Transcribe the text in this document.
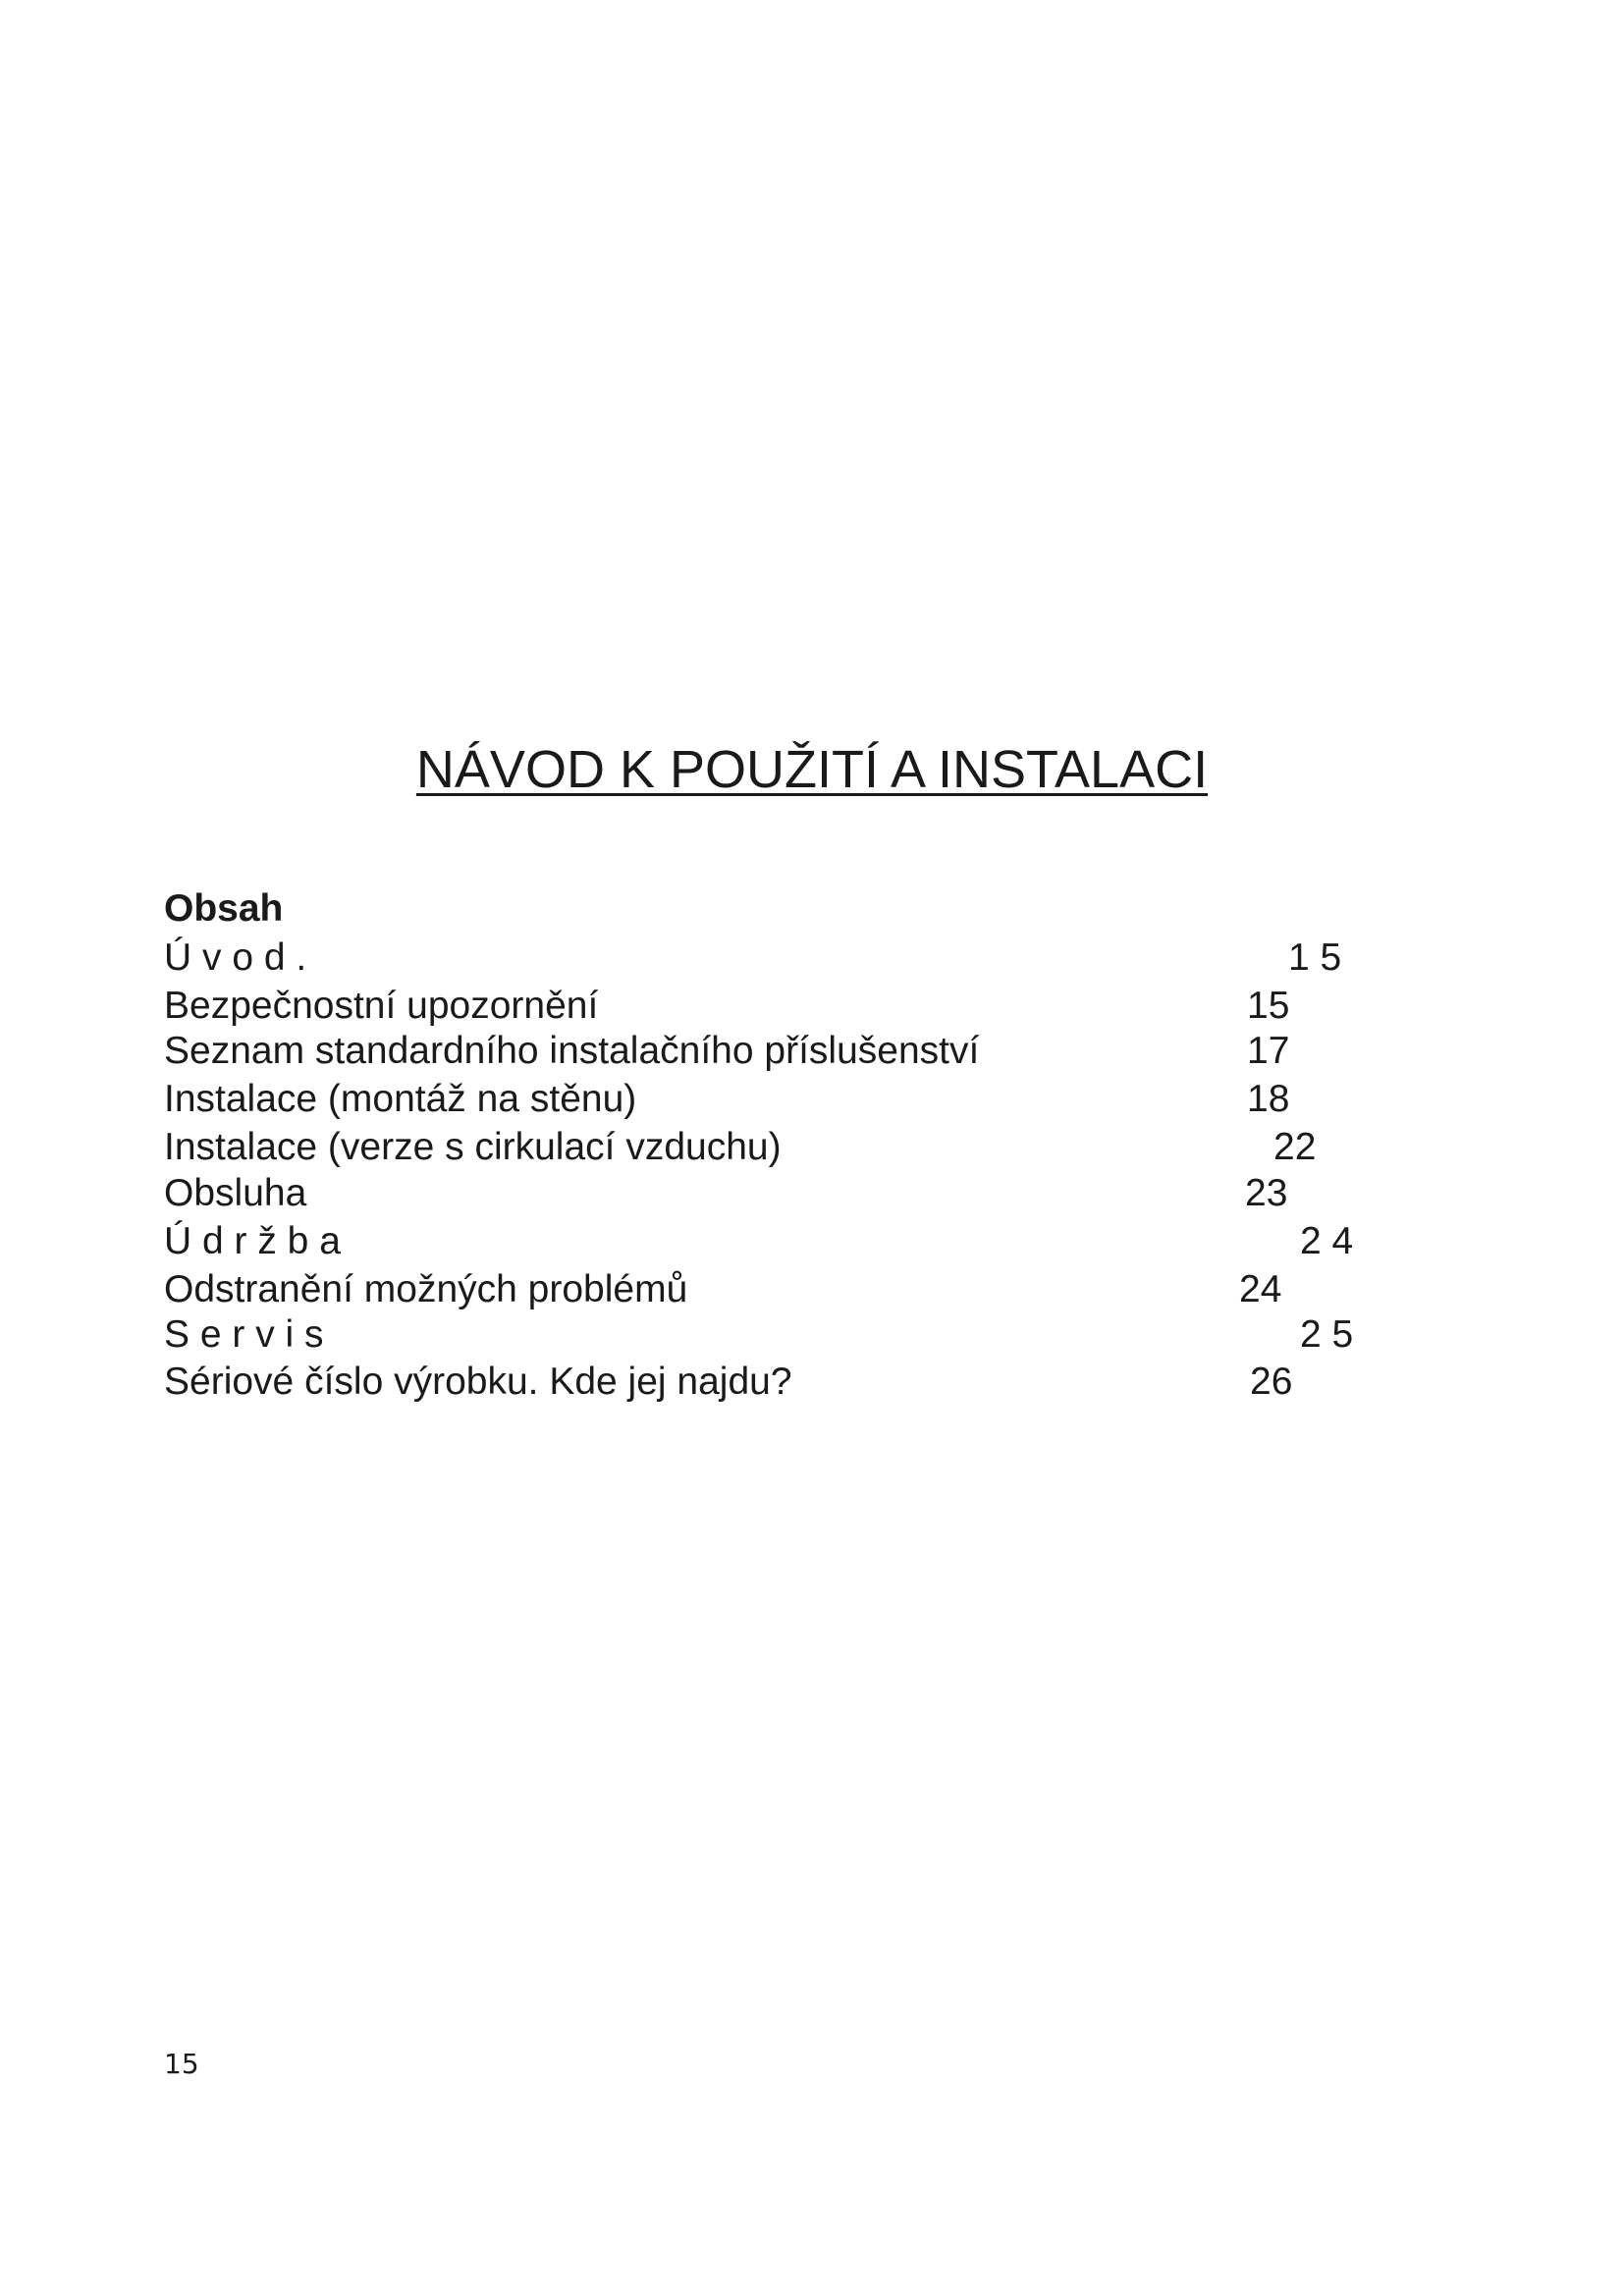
NÁVOD K POUŽITÍ A INSTALACI
Obsah
Ú v o d .	1 5
Bezpečnostní upozornění	15
Seznam standardního instalačního příslušenství	17
Instalace (montáž na stěnu)	18
Instalace (verze s cirkulací vzduchu)	22
Obsluha	23
Ú d r ž b a	2 4
Odstranění možných problémů	24
S e r v i s	2 5
Sériové číslo výrobku. Kde jej najdu?	26
15
